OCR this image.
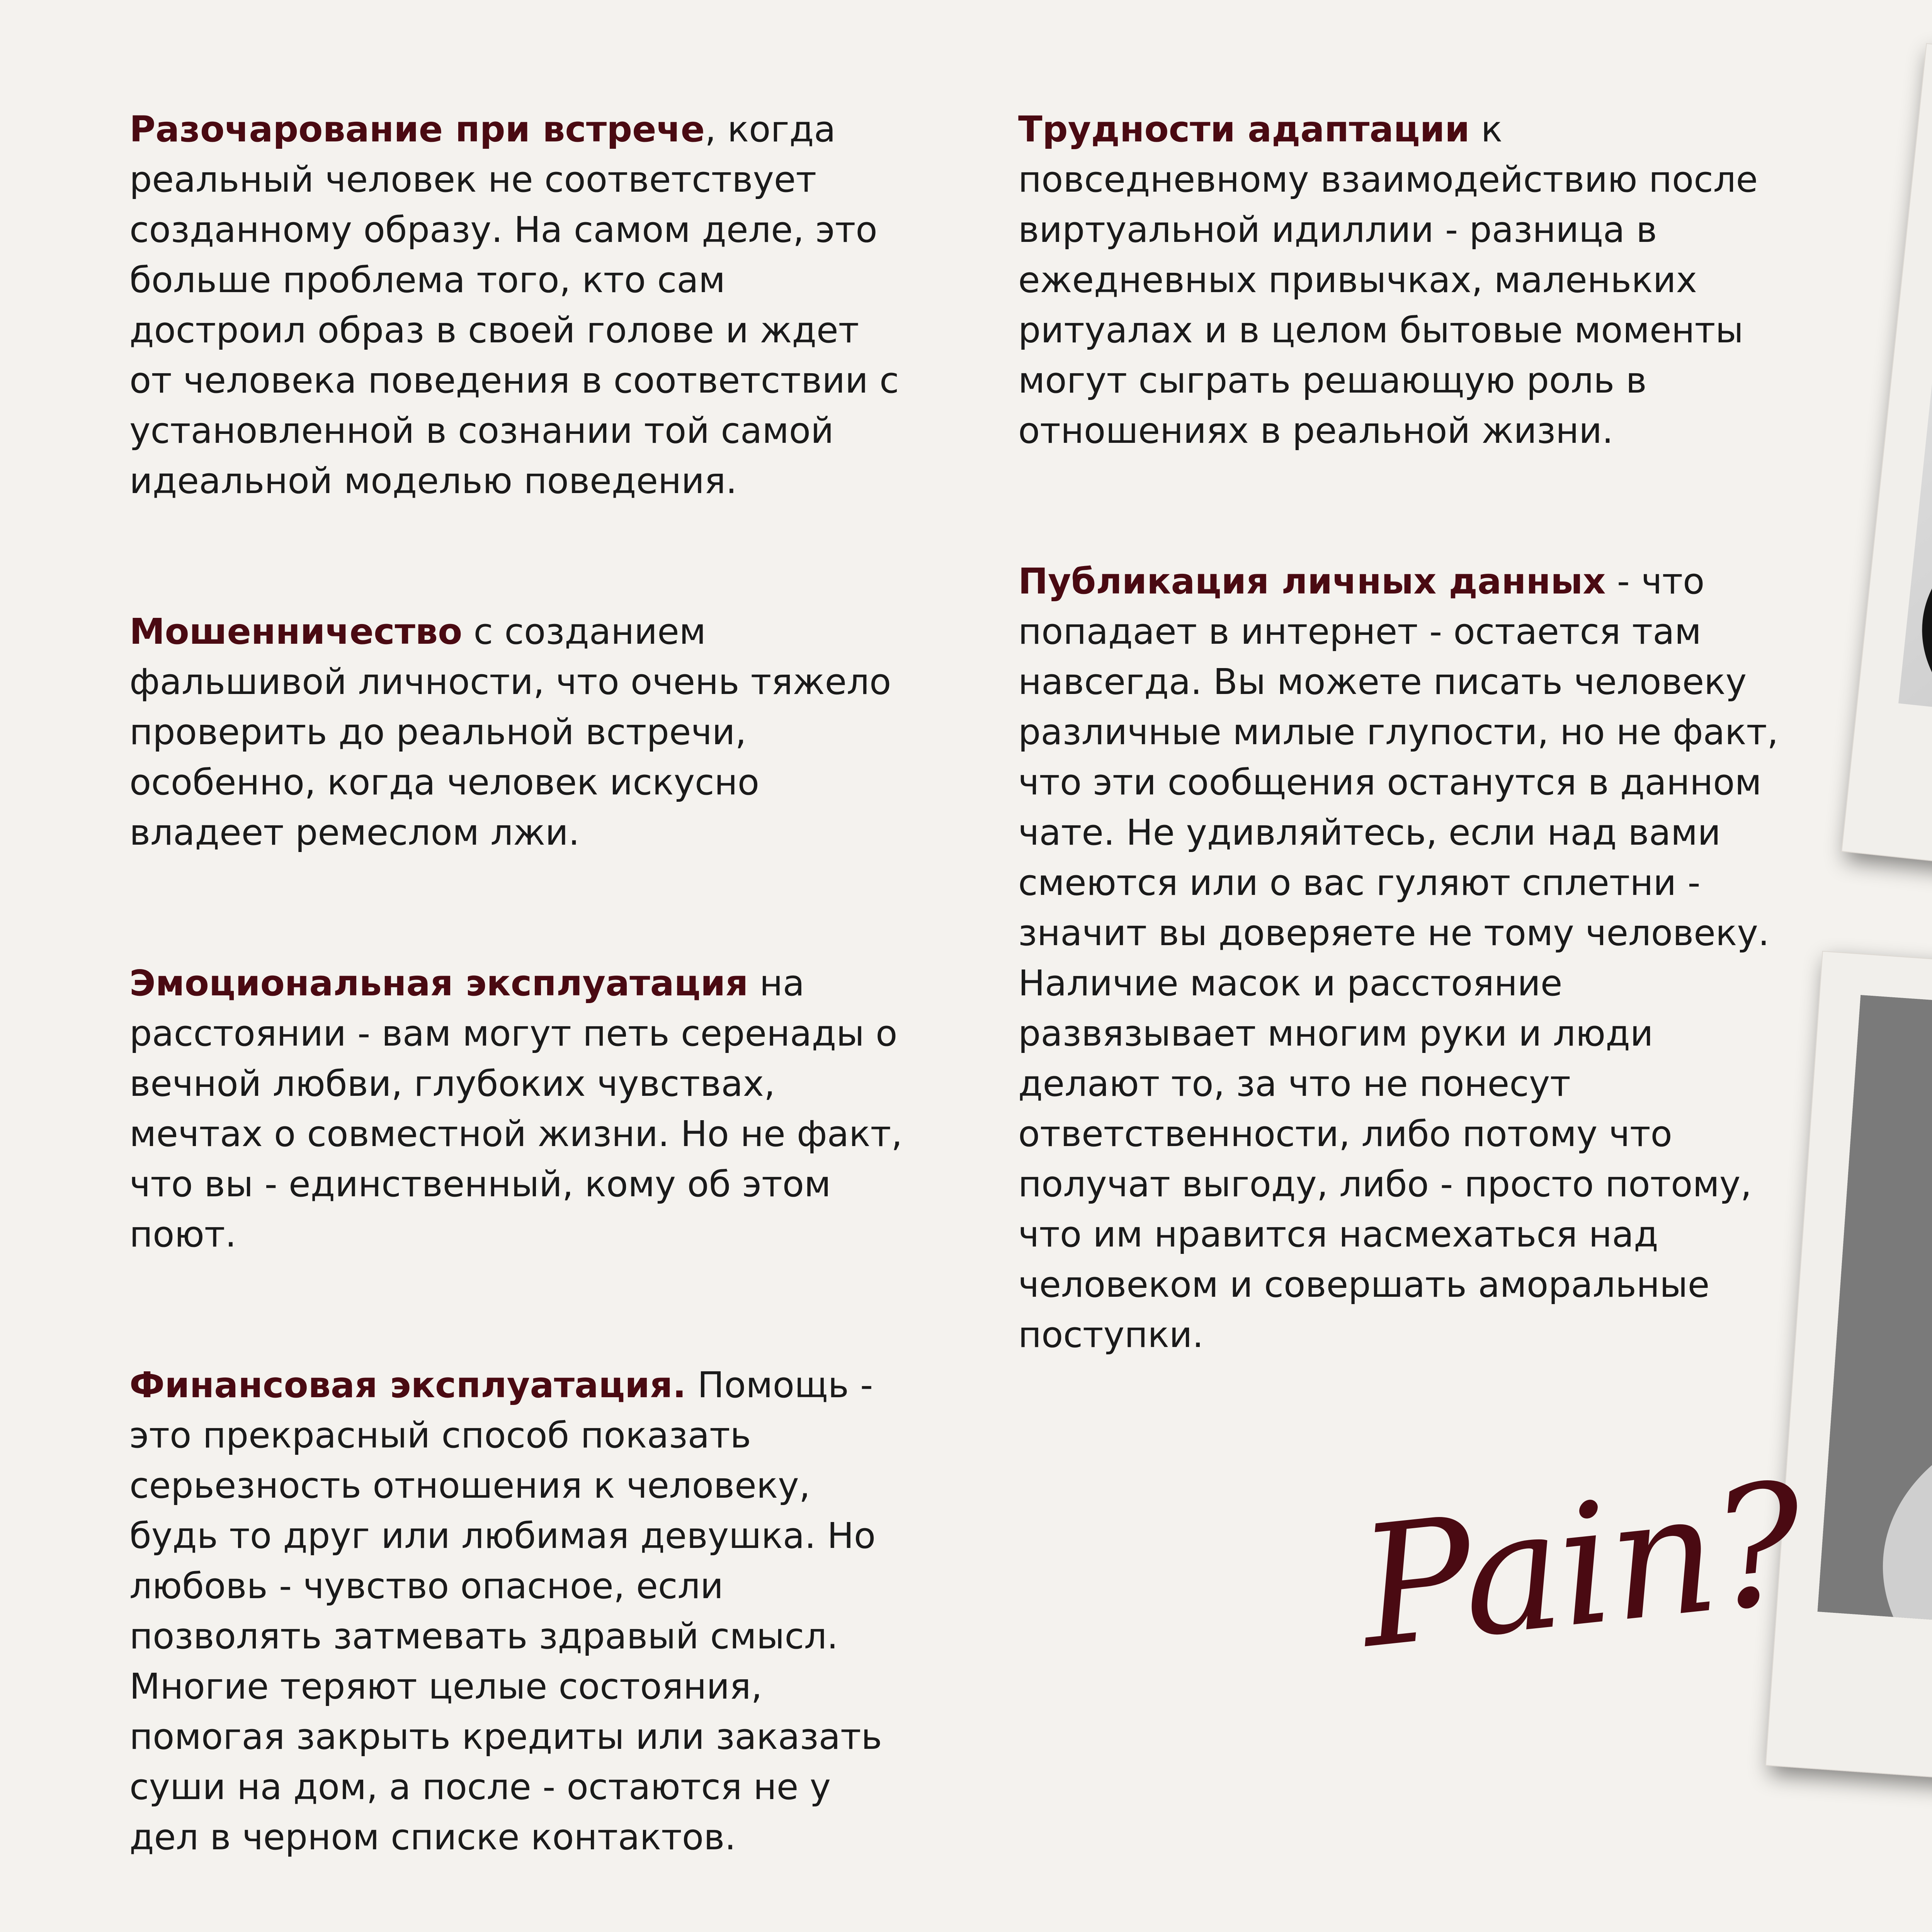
Разочарование при встрече, когда реальный человек не соответствует созданному образу. На самом деле, это больше проблема того, кто сам достроил образ в своей голове и ждет от человека поведения в соответствии с установленной в сознании той самой идеальной моделью поведения.

Мошенничество с созданием фальшивой личности, что очень тяжело проверить до реальной встречи, особенно, когда человек искусно владеет ремеслом лжи.

Эмоциональная эксплуатация на расстоянии - вам могут петь серенады о вечной любви, глубоких чувствах, мечтах о совместной жизни. Но не факт, что вы - единственный, кому об этом поют.

Финансовая эксплуатация. Помощь - это прекрасный способ показать серьезность отношения к человеку, будь то друг или любимая девушка. Но любовь - чувство опасное, если позволять затмевать здравый смысл. Многие теряют целые состояния, помогая закрыть кредиты или заказать суши на дом, а после - остаются не у дел в черном списке контактов.

Трудности адаптации к повседневному взаимодействию после виртуальной идиллии - разница в ежедневных привычках, маленьких ритуалах и в целом бытовые моменты могут сыграть решающую роль в отношениях в реальной жизни.

Публикация личных данных - что попадает в интернет - остается там навсегда. Вы можете писать человеку различные милые глупости, но не факт, что эти сообщения останутся в данном чате. Не удивляйтесь, если над вами смеются или о вас гуляют сплетни - значит вы доверяете не тому человеку. Наличие масок и расстояние развязывает многим руки и люди делают то, за что не понесут ответственности, либо потому что получат выгоду, либо - просто потому, что им нравится насмехаться над человеком и совершать аморальные поступки.

Pain?
